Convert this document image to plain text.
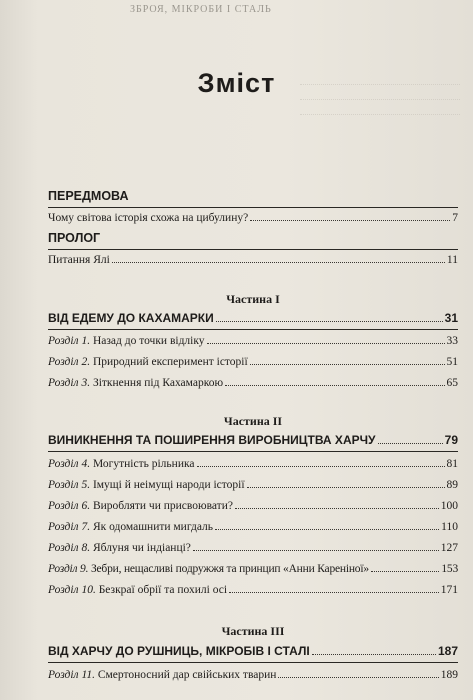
ЗБРОЯ, МІКРОБИ І СТАЛЬ
Зміст
ПЕРЕДМОВА
Чому світова історія схожа на цибулину?	7
ПРОЛОГ
Питання Ялі	11
Частина I
ВІД ЕДЕМУ ДО КАХАМАРКИ	31
Розділ 1. Назад до точки відліку	33
Розділ 2. Природний експеримент історії	51
Розділ 3. Зіткнення під Кахамаркою	65
Частина II
ВИНИКНЕННЯ ТА ПОШИРЕННЯ ВИРОБНИЦТВА ХАРЧУ	79
Розділ 4. Могутність рільника	81
Розділ 5. Імущі й неімущі народи історії	89
Розділ 6. Виробляти чи присвоювати?	100
Розділ 7. Як одомашнити мигдаль	110
Розділ 8. Яблуня чи індіанці?	127
Розділ 9. Зебри, нещасливі подружжя та принцип «Анни Кареніної»	153
Розділ 10. Безкраї обрії та похилі осі	171
Частина III
ВІД ХАРЧУ ДО РУШНИЦЬ, МІКРОБІВ І СТАЛІ	187
Розділ 11. Смертоносний дар свійських тварин	189
